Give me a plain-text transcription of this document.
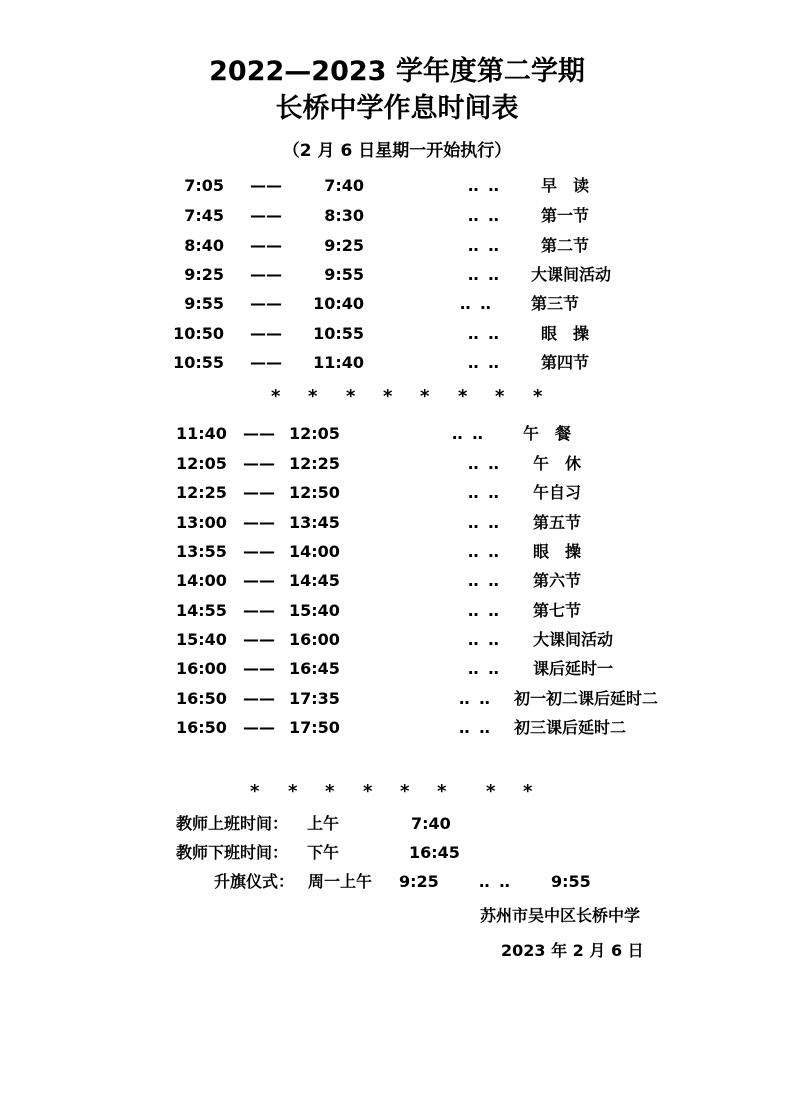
2022—2023 学年度第二学期
长桥中学作息时间表
（2 月 6 日星期一开始执行）
7:05 ——	7:40	‥ ‥	早　读
7:45 ——	8:30	‥ ‥	第一节
8:40 ——	9:25	‥ ‥	第二节
9:25 ——	9:55	‥ ‥ 大课间活动
9:55 —— 10:40	‥ ‥ 第三节
10:50 —— 10:55	‥ ‥	眼　操
10:55 —— 11:40	‥ ‥	第四节
* * * * * * * *
11:40 —— 12:05	‥ ‥ 午　餐
12:05 —— 12:25	‥ ‥ 午　休
12:25 —— 12:50	‥ ‥ 午自习
13:00 —— 13:45	‥ ‥ 第五节
13:55 —— 14:00	‥ ‥ 眼　操
14:00 —— 14:45	‥ ‥ 第六节
14:55 —— 15:40	‥ ‥ 第七节
15:40 —— 16:00	‥ ‥ 大课间活动
16:00 —— 16:45	‥ ‥ 课后延时一
16:50 —— 17:35	‥ ‥ 初一初二课后延时二
16:50 —— 17:50	‥ ‥ 初三课后延时二
* * * * * * * *
教师上班时间： 上午	7:40
教师下班时间： 下午	16:45
升旗仪式： 周一上午 9:25	‥ ‥ 9:55
苏州市吴中区长桥中学
2023 年 2 月 6 日
